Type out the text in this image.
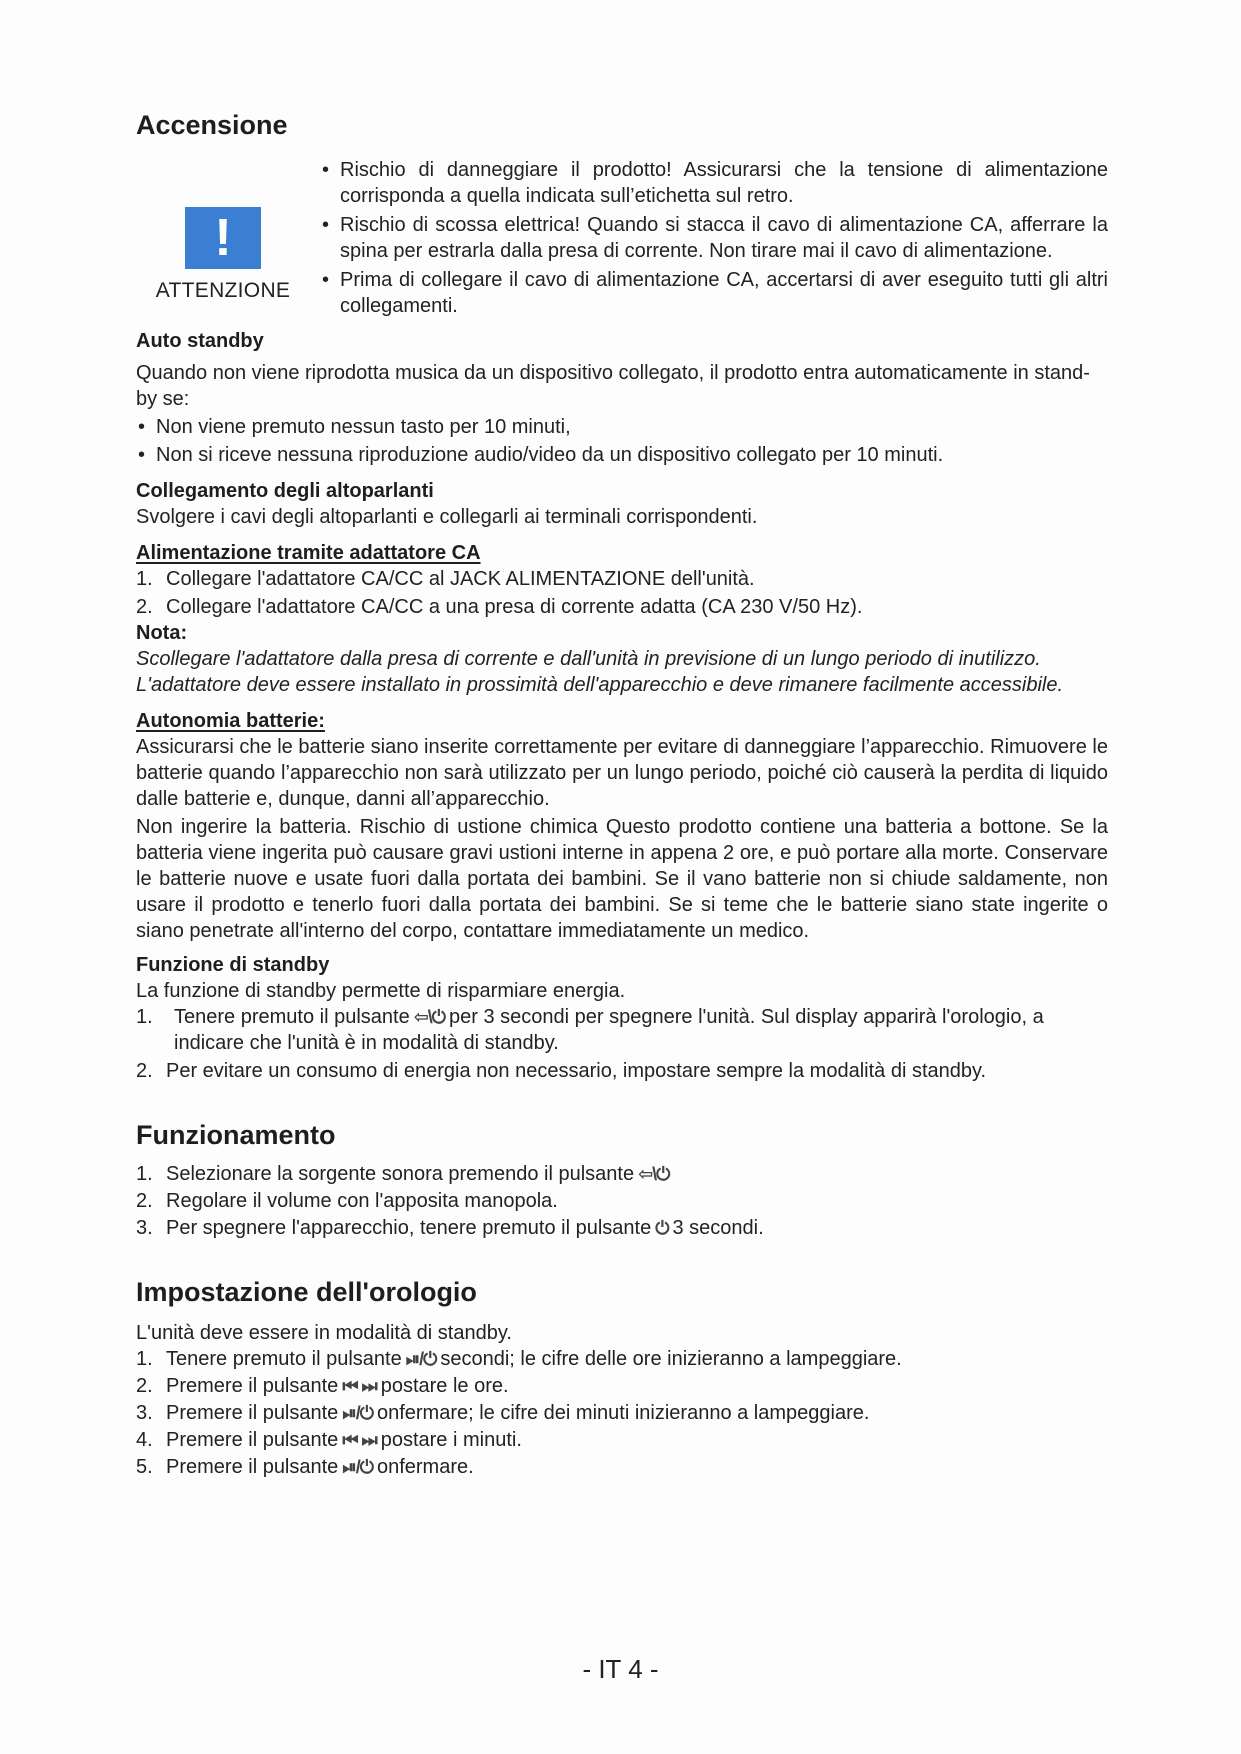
Accensione
!
ATTENZIONE
• Rischio di danneggiare il prodotto! Assicurarsi che la tensione di alimentazione corrisponda a quella indicata sull’etichetta sul retro.
• Rischio di scossa elettrica! Quando si stacca il cavo di alimentazione CA, afferrare la spina per estrarla dalla presa di corrente. Non tirare mai il cavo di alimentazione.
• Prima di collegare il cavo di alimentazione CA, accertarsi di aver eseguito tutti gli altri collegamenti.
Auto standby

Quando non viene riprodotta musica da un dispositivo collegato, il prodotto entra automaticamente in stand-by se:

• Non viene premuto nessun tasto per 10 minuti,
• Non si riceve nessuna riproduzione audio/video da un dispositivo collegato per 10 minuti.
Collegamento degli altoparlanti

Svolgere i cavi degli altoparlanti e collegarli ai terminali corrispondenti.

Alimentazione tramite adattatore CA
1. Collegare l'adattatore CA/CC al JACK ALIMENTAZIONE dell'unità.
2. Collegare l'adattatore CA/CC a una presa di corrente adatta (CA 230 V/50 Hz).
Nota:

Scollegare l'adattatore dalla presa di corrente e dall'unità in previsione di un lungo periodo di inutilizzo.

L'adattatore deve essere installato in prossimità dell'apparecchio e deve rimanere facilmente accessibile.

Autonomia batterie:

Assicurarsi che le batterie siano inserite correttamente per evitare di danneggiare l’apparecchio. Rimuovere le batterie quando l’apparecchio non sarà utilizzato per un lungo periodo, poiché ciò causerà la perdita di liquido dalle batterie e, dunque, danni all’apparecchio.

Non ingerire la batteria. Rischio di ustione chimica Questo prodotto contiene una batteria a bottone. Se la batteria viene ingerita può causare gravi ustioni interne in appena 2 ore, e può portare alla morte. Conservare le batterie nuove e usate fuori dalla portata dei bambini. Se il vano batterie non si chiude saldamente, non usare il prodotto e tenerlo fuori dalla portata dei bambini. Se si teme che le batterie siano state ingerite o siano penetrate all'interno del corpo, contattare immediatamente un medico.

Funzione di standby

La funzione di standby permette di risparmiare energia.

1. Tenere premuto il pulsante ⇦\⏻ per 3 secondi per spegnere l'unità. Sul display apparirà l'orologio, a indicare che l'unità è in modalità di standby.
2. Per evitare un consumo di energia non necessario, impostare sempre la modalità di standby.
Funzionamento
1. Selezionare la sorgente sonora premendo il pulsante ⇦\⏻
2. Regolare il volume con l'apposita manopola.
3. Per spegnere l'apparecchio, tenere premuto il pulsante ⏻ 3 secondi.
Impostazione dell'orologio

L'unità deve essere in modalità di standby.

1. Tenere premuto il pulsante ⏯/⏻ secondi; le cifre delle ore inizieranno a lampeggiare.
2. Premere il pulsante ⏮ ⏭ postare le ore.
3. Premere il pulsante ⏯/⏻ onfermare; le cifre dei minuti inizieranno a lampeggiare.
4. Premere il pulsante ⏮ ⏭ postare i minuti.
5. Premere il pulsante ⏯/⏻ onfermare.
- IT 4 -
